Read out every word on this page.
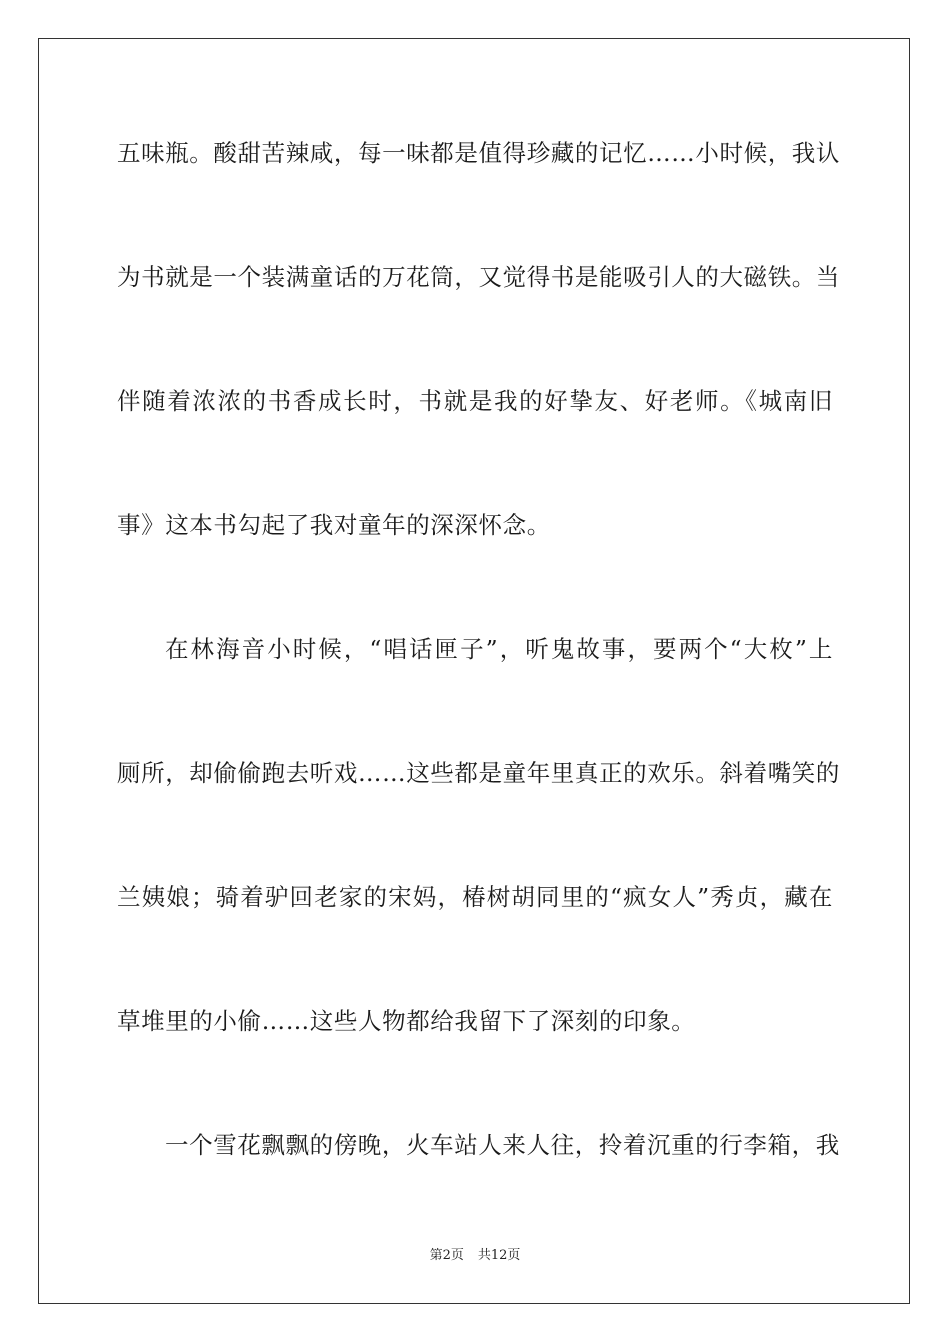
五味瓶。酸甜苦辣咸，每一味都是值得珍藏的记忆……小时候，我认
为书就是一个装满童话的万花筒，又觉得书是能吸引人的大磁铁。当
伴随着浓浓的书香成长时，书就是我的好挚友、好老师。《城南旧
事》这本书勾起了我对童年的深深怀念。
在林海音小时候，“唱话匣子”，听鬼故事，要两个“大枚”上
厕所，却偷偷跑去听戏……这些都是童年里真正的欢乐。斜着嘴笑的
兰姨娘；骑着驴回老家的宋妈，椿树胡同里的“疯女人”秀贞，藏在
草堆里的小偷……这些人物都给我留下了深刻的印象。
一个雪花飘飘的傍晚，火车站人来人往，拎着沉重的行李箱，我
第2页 共12页
